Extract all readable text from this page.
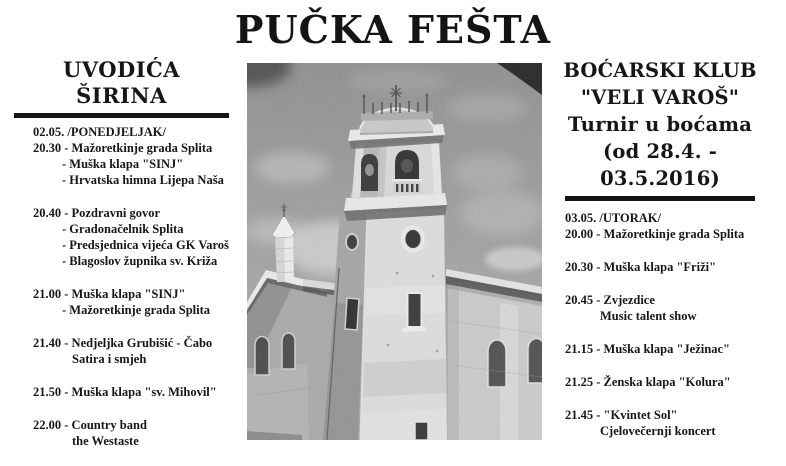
PUČKA FEŠTA
UVODIĆA ŠIRINA
02.05. /PONEDJELJAK/
20.30 - Mažoretkinje grada Splita
- Muška klapa "SINJ"
- Hrvatska himna Lijepa Naša
20.40 - Pozdravni govor
- Gradonačelnik Splita
- Predsjednica vijeća GK Varoš
- Blagoslov župnika sv. Križa
21.00 - Muška klapa "SINJ"
- Mažoretkinje grada Splita
21.40 - Nedjeljka Grubišić - Čabo
Satira i smjeh
21.50 - Muška klapa "sv. Mihovil"
22.00 - Country band
the Westaste
BOĆARSKI KLUB
"VELI VAROŠ"
Turnir u boćama
(od 28.4. - 03.5.2016)
03.05. /UTORAK/
20.00 - Mažoretkinje grada Splita
20.30 - Muška klapa "Friži"
20.45 - Zvjezdice
Music talent show
21.15 - Muška klapa "Ježinac"
21.25 - Ženska klapa "Kolura"
21.45 - "Kvintet Sol"
Cjelovečernji koncert
